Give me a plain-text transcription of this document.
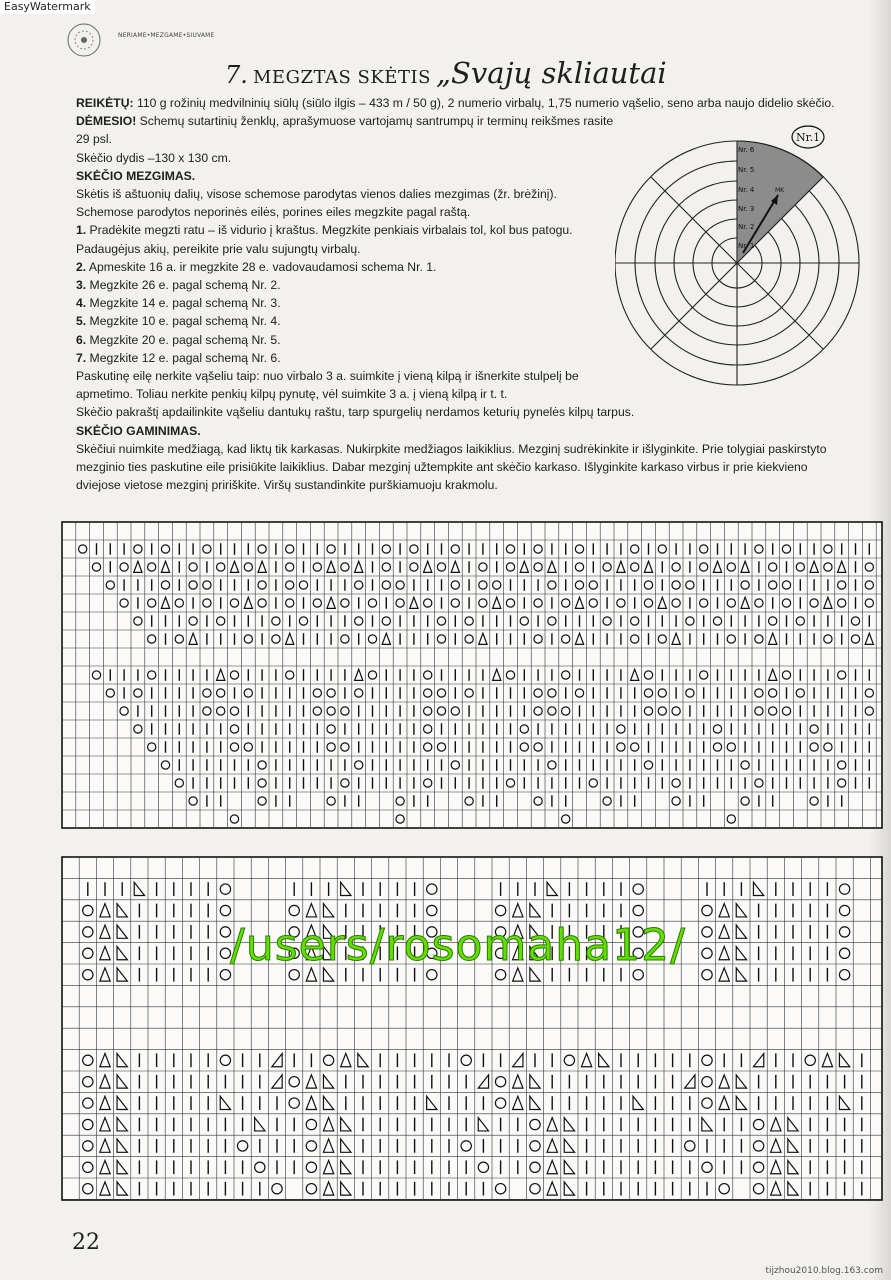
EasyWatermark
NERIAME•MEZGAME•SIUVAME
7. MEGZTAS SKĖTIS „Svajų skliautai

REIKĖTŲ: 110 g rožinių medvilninių siūlų (siūlo ilgis – 433 m / 50 g), 2 numerio virbalų, 1,75 numerio vąšelio, seno arba naujo didelio skėčio.

DĖMESIO! Schemų sutartinių ženklų, aprašymuose vartojamų santrumpų ir terminų reikšmes rasite 29 psl.

Skėčio dydis –130 x 130 cm.

SKĖČIO MEZGIMAS.

Skėtis iš aštuonių dalių, visose schemose parodytas vienos dalies mezgimas (žr. brėžinį).

Schemose parodytos neporinės eilės, porines eiles megzkite pagal raštą.

1. Pradėkite megzti ratu – iš vidurio į kraštus. Megzkite penkiais virbalais tol, kol bus patogu. Padaugėjus akių, pereikite prie valu sujungtų virbalų.

2. Apmeskite 16 a. ir megzkite 28 e. vadovaudamosi schema Nr. 1.

3. Megzkite 26 e. pagal schemą Nr. 2.

4. Megzkite 14 e. pagal schemą Nr. 3.

5. Megzkite 10 e. pagal schemą Nr. 4.

6. Megzkite 20 e. pagal schemą Nr. 5.

7. Megzkite 12 e. pagal schemą Nr. 6.

Paskutinę eilę nerkite vąšeliu taip: nuo virbalo 3 a. suimkite į vieną kilpą ir išnerkite stulpelį be apmetimo. Toliau nerkite penkių kilpų pynutę, vėl suimkite 3 a. į vieną kilpą ir t. t.

Skėčio pakraštį apdailinkite vąšeliu dantukų raštu, tarp spurgelių nerdamos keturių pynelės kilpų tarpus.

SKĖČIO GAMINIMAS.

Skėčiui nuimkite medžiagą, kad liktų tik karkasas. Nukirpkite medžiagos laikiklius. Mezginį sudrėkinkite ir išlyginkite. Prie tolygiai paskirstyto mezginio ties paskutine eile prisiūkite laikiklius. Dabar mezginį užtempkite ant skėčio karkaso. Išlyginkite karkaso virbus ir prie kiekvieno dviejose vietose mezginį pririškite. Viršų sustandinkite purškiamuoju krakmolu.

MK
Nr. 6
Nr. 5
Nr. 4
Nr. 3
Nr. 2
Nr. 1
Nr.1
/users/rosomaha12/
22
tijzhou2010.blog.163.com
